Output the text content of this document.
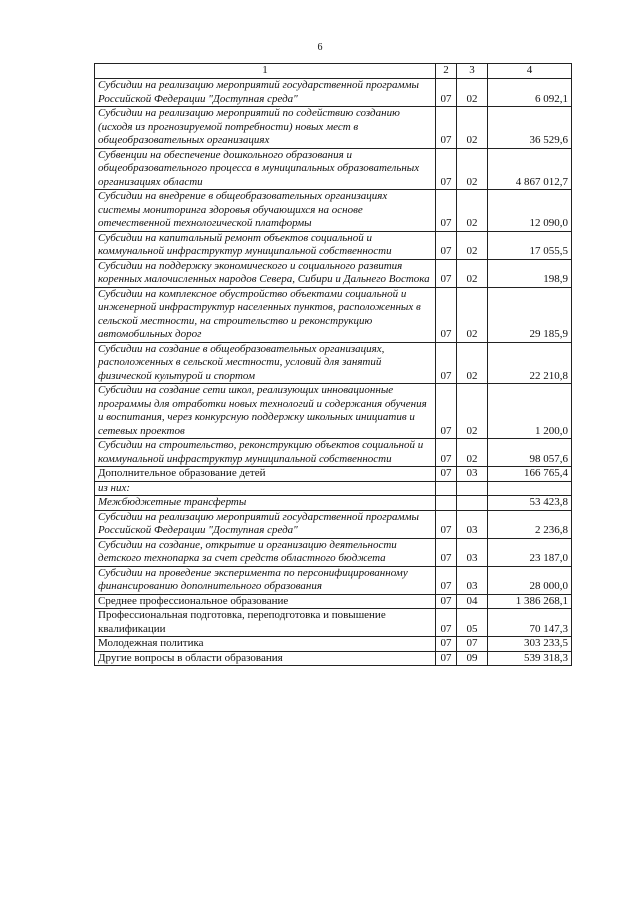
6
1	2	3	4
Субсидии на реализацию мероприятий государственной программы Российской Федерации "Доступная среда"	07	02	6 092,1
Субсидии на реализацию мероприятий по содействию созданию (исходя из прогнозируемой потребности) новых мест в общеобразовательных организациях	07	02	36 529,6
Субвенции на обеспечение дошкольного образования и общеобразовательного процесса в муниципальных образовательных организациях области	07	02	4 867 012,7
Субсидии на внедрение в общеобразовательных организациях системы мониторинга здоровья обучающихся на основе отечественной технологической платформы	07	02	12 090,0
Субсидии на капитальный ремонт объектов социальной и коммунальной инфраструктур муниципальной собственности	07	02	17 055,5
Субсидии на поддержку экономического и социального развития коренных малочисленных народов Севера, Сибири и Дальнего Востока	07	02	198,9
Субсидии на комплексное обустройство объектами социальной и инженерной инфраструктур населенных пунктов, расположенных в сельской местности, на строительство и реконструкцию автомобильных дорог	07	02	29 185,9
Субсидии на создание в общеобразовательных организациях, расположенных в сельской местности, условий для занятий физической культурой и спортом	07	02	22 210,8
Субсидии на создание сети школ, реализующих инновационные программы для отработки новых технологий и содержания обучения и воспитания, через конкурсную поддержку школьных инициатив и сетевых проектов	07	02	1 200,0
Субсидии на строительство, реконструкцию объектов социальной и коммунальной инфраструктур муниципальной собственности	07	02	98 057,6
Дополнительное образование детей	07	03	166 765,4
из них:			
Межбюджетные трансферты			53 423,8
Субсидии на реализацию мероприятий государственной программы Российской Федерации "Доступная среда"	07	03	2 236,8
Субсидии на создание, открытие и организацию деятельности детского технопарка за счет средств областного бюджета	07	03	23 187,0
Субсидии на проведение эксперимента по персонифицированному финансированию дополнительного образования	07	03	28 000,0
Среднее профессиональное образование	07	04	1 386 268,1
Профессиональная подготовка, переподготовка и повышение квалификации	07	05	70 147,3
Молодежная политика	07	07	303 233,5
Другие вопросы в области образования	07	09	539 318,3
